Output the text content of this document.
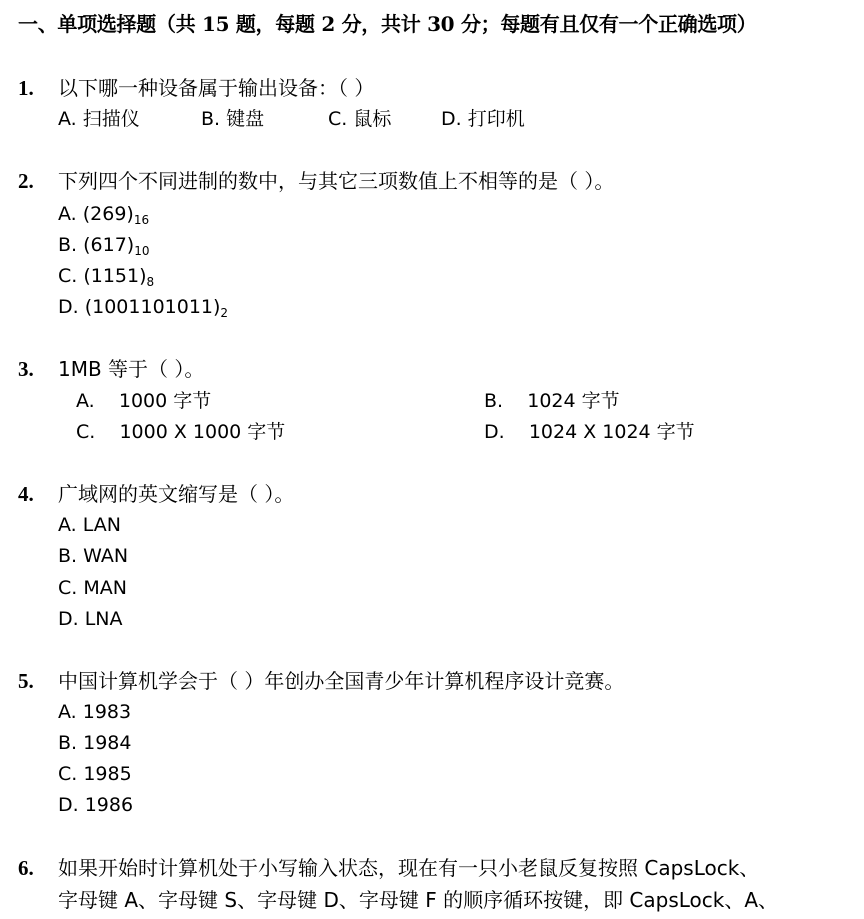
一、单项选择题（共 15 题，每题 2 分，共计 30 分；每题有且仅有一个正确选项）
1. 以下哪一种设备属于输出设备：（ ）
A. 扫描仪	B. 键盘	C. 鼠标	D. 打印机
2. 下列四个不同进制的数中，与其它三项数值上不相等的是（ ）。
A. $(269)_{16}$
B. $(617)_{10}$
C. $(1151)_8$
D. $(1001101011)_2$
3. 1MB 等于（ ）。
A.    1000 字节	B.    1024 字节
C.    1000 X 1000 字节	D.    1024 X 1024 字节
4. 广域网的英文缩写是（ ）。
A. LAN
B. WAN
C. MAN
D. LNA
5. 中国计算机学会于（ ）年创办全国青少年计算机程序设计竞赛。
A. 1983
B. 1984
C. 1985
D. 1986
6. 如果开始时计算机处于小写输入状态，现在有一只小老鼠反复按照 CapsLock、
字母键 A、字母键 S、字母键 D、字母键 F 的顺序循环按键，即 CapsLock、A、
